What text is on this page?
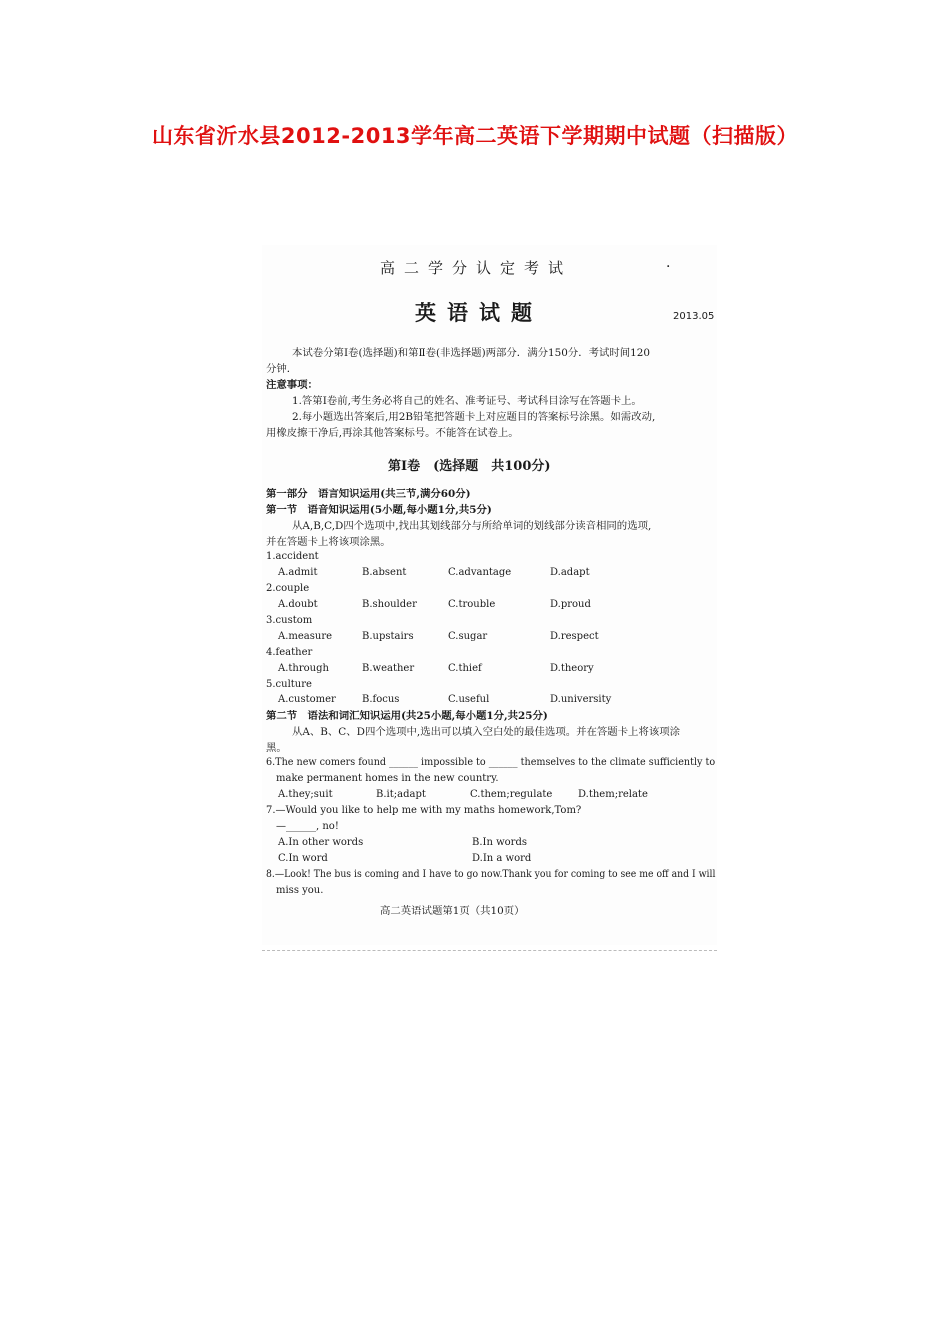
山东省沂水县2012-2013学年高二英语下学期期中试题（扫描版）
高二学分认定考试	·
英语试题	2013.05
本试卷分第Ⅰ卷(选择题)和第Ⅱ卷(非选择题)两部分．满分150分．考试时间120
分钟．
注意事项：
1.答第Ⅰ卷前,考生务必将自己的姓名、准考证号、考试科目涂写在答题卡上。
2.每小题选出答案后,用2B铅笔把答题卡上对应题目的答案标号涂黑。如需改动,
用橡皮擦干净后,再涂其他答案标号。不能答在试卷上。
第Ⅰ卷　(选择题　共100分)
第一部分　语言知识运用(共三节,满分60分)
第一节　语音知识运用(5小题,每小题1分,共5分)
从A,B,C,D四个选项中,找出其划线部分与所给单词的划线部分读音相同的选项,
并在答题卡上将该项涂黑。
1.accident
A.admit	B.absent	C.advantage	D.adapt
2.couple
A.doubt	B.shoulder	C.trouble	D.proud
3.custom
A.measure	B.upstairs	C.sugar	D.respect
4.feather
A.through	B.weather	C.thief	D.theory
5.culture
A.customer	B.focus	C.useful	D.university
第二节　语法和词汇知识运用(共25小题,每小题1分,共25分)
从A、B、C、D四个选项中,选出可以填入空白处的最佳选项。并在答题卡上将该项涂
黑。
6.The new comers found ______ impossible to ______ themselves to the climate sufficiently to
make permanent homes in the new country.
A.they;suit	B.it;adapt	C.them;regulate	D.them;relate
7.—Would you like to help me with my maths homework,Tom?
—______, no!
A.In other words	B.In words
C.In word	D.In a word
8.—Look! The bus is coming and I have to go now.Thank you for coming to see me off and I will
miss you.
高二英语试题第1页（共10页）
